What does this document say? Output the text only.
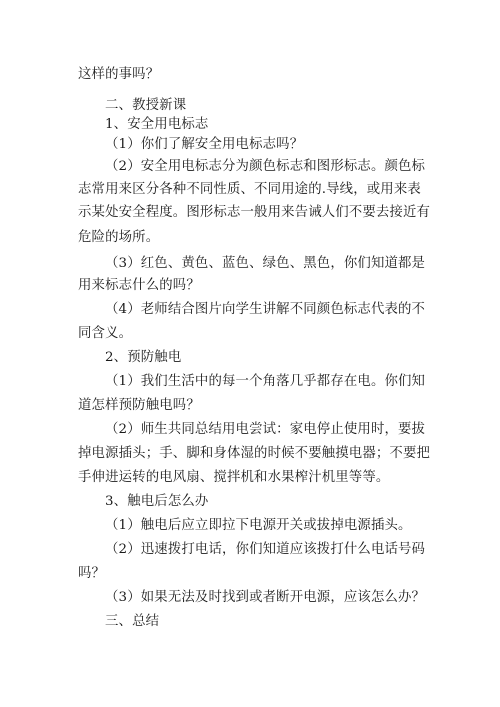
这样的事吗？
二、教授新课
1、安全用电标志
（1）你们了解安全用电标志吗？
（2）安全用电标志分为颜色标志和图形标志。颜色标
志常用来区分各种不同性质、不同用途的.导线，或用来表
示某处安全程度。图形标志一般用来告诫人们不要去接近有
危险的场所。
（3）红色、黄色、蓝色、绿色、黑色，你们知道都是
用来标志什么的吗？
（4）老师结合图片向学生讲解不同颜色标志代表的不
同含义。
2、预防触电
（1）我们生活中的每一个角落几乎都存在电。你们知
道怎样预防触电吗？
（2）师生共同总结用电尝试：家电停止使用时，要拔
掉电源插头；手、脚和身体湿的时候不要触摸电器；不要把
手伸进运转的电风扇、搅拌机和水果榨汁机里等等。
3、触电后怎么办
（1）触电后应立即拉下电源开关或拔掉电源插头。
（2）迅速拨打电话，你们知道应该拨打什么电话号码
吗？
（3）如果无法及时找到或者断开电源，应该怎么办？
三、总结
